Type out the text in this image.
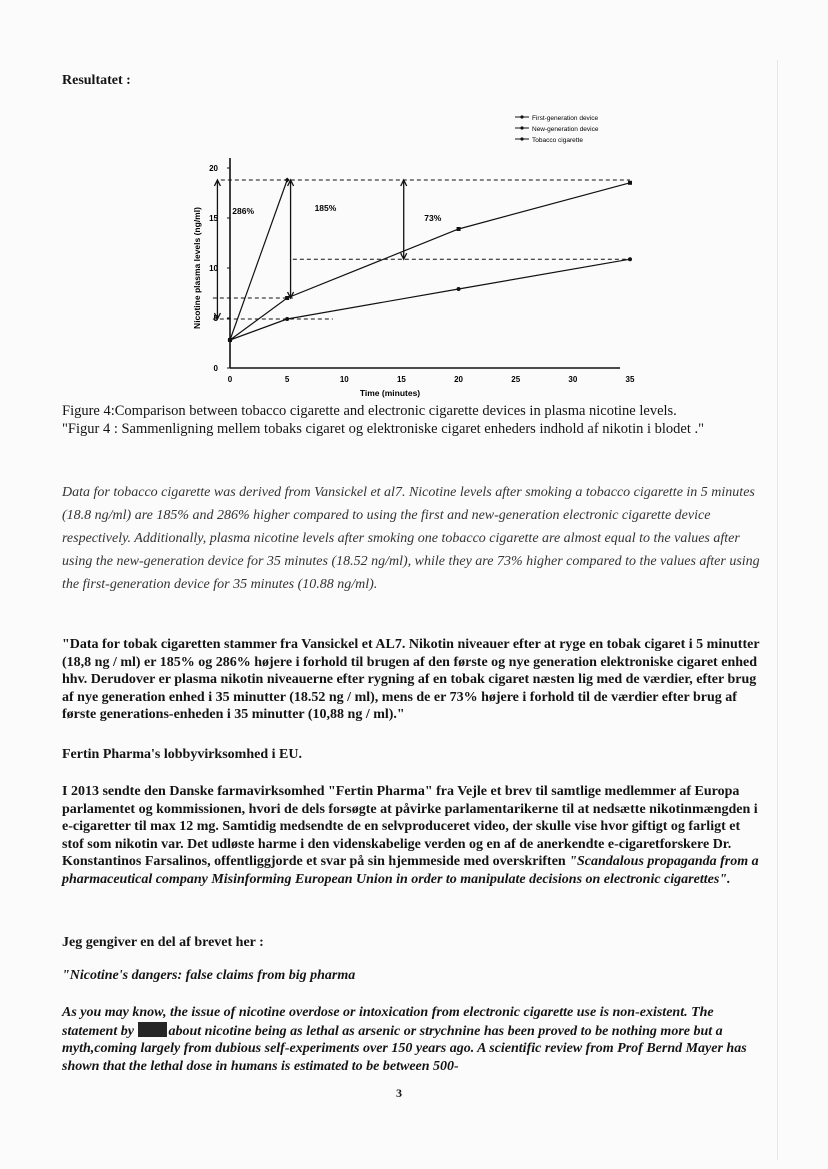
Resultatet :
0
5
10
15
20
0	5	10	15	20	25	30	35
Time (minutes)
Nicotine plasma levels (ng/ml)	286%	185%
73%
First-generation device
New-generation device
Tobacco cigarette

Figure 4:Comparison between tobacco cigarette and electronic cigarette devices in plasma nicotine levels.

"Figur 4 : Sammenligning mellem tobaks cigaret og elektroniske cigaret enheders indhold af nikotin i blodet ."

Data for tobacco cigarette was derived from Vansickel et al7. Nicotine levels after smoking a tobacco cigarette in 5 minutes (18.8 ng/ml) are 185% and 286% higher compared to using the first and new-generation electronic cigarette device respectively. Additionally, plasma nicotine levels after smoking one tobacco cigarette are almost equal to the values after using the new-generation device for 35 minutes (18.52 ng/ml), while they are 73% higher compared to the values after using the first-generation device for 35 minutes (10.88 ng/ml).
"Data for tobak cigaretten stammer fra Vansickel et AL7. Nikotin niveauer efter at ryge en tobak cigaret i 5 minutter (18,8 ng / ml) er 185% og 286% højere i forhold til brugen af den første og nye generation elektroniske cigaret enhed hhv. Derudover er plasma nikotin niveauerne efter rygning af en tobak cigaret næsten lig med de værdier, efter brug af nye generation enhed i 35 minutter (18.52 ng / ml), mens de er 73% højere i forhold til de værdier efter brug af første generations-enheden i 35 minutter (10,88 ng / ml)."
Fertin Pharma's lobbyvirksomhed i EU.
I 2013 sendte den Danske farmavirksomhed "Fertin Pharma" fra Vejle et brev til samtlige medlemmer af Europa parlamentet og kommissionen, hvori de dels forsøgte at påvirke parlamentarikerne til at nedsætte nikotinmængden i e-cigaretter til max 12 mg. Samtidig medsendte de en selvproduceret video, der skulle vise hvor giftigt og farligt et stof som nikotin var. Det udløste harme i den videnskabelige verden og en af de anerkendte e-cigaretforskere Dr. Konstantinos Farsalinos, offentliggjorde et svar på sin hjemmeside med overskriften "Scandalous propaganda from a pharmaceutical company Misinforming European Union in order to manipulate decisions on electronic cigarettes".
Jeg gengiver en del af brevet her :
"Nicotine's dangers: false claims from big pharma
As you may know, the issue of nicotine overdose or intoxication from electronic cigarette use is non-existent. The statement by about nicotine being as lethal as arsenic or strychnine has been proved to be nothing more but a myth,coming largely from dubious self-experiments over 150 years ago. A scientific review from Prof Bernd Mayer has shown that the lethal dose in humans is estimated to be between 500-
3
